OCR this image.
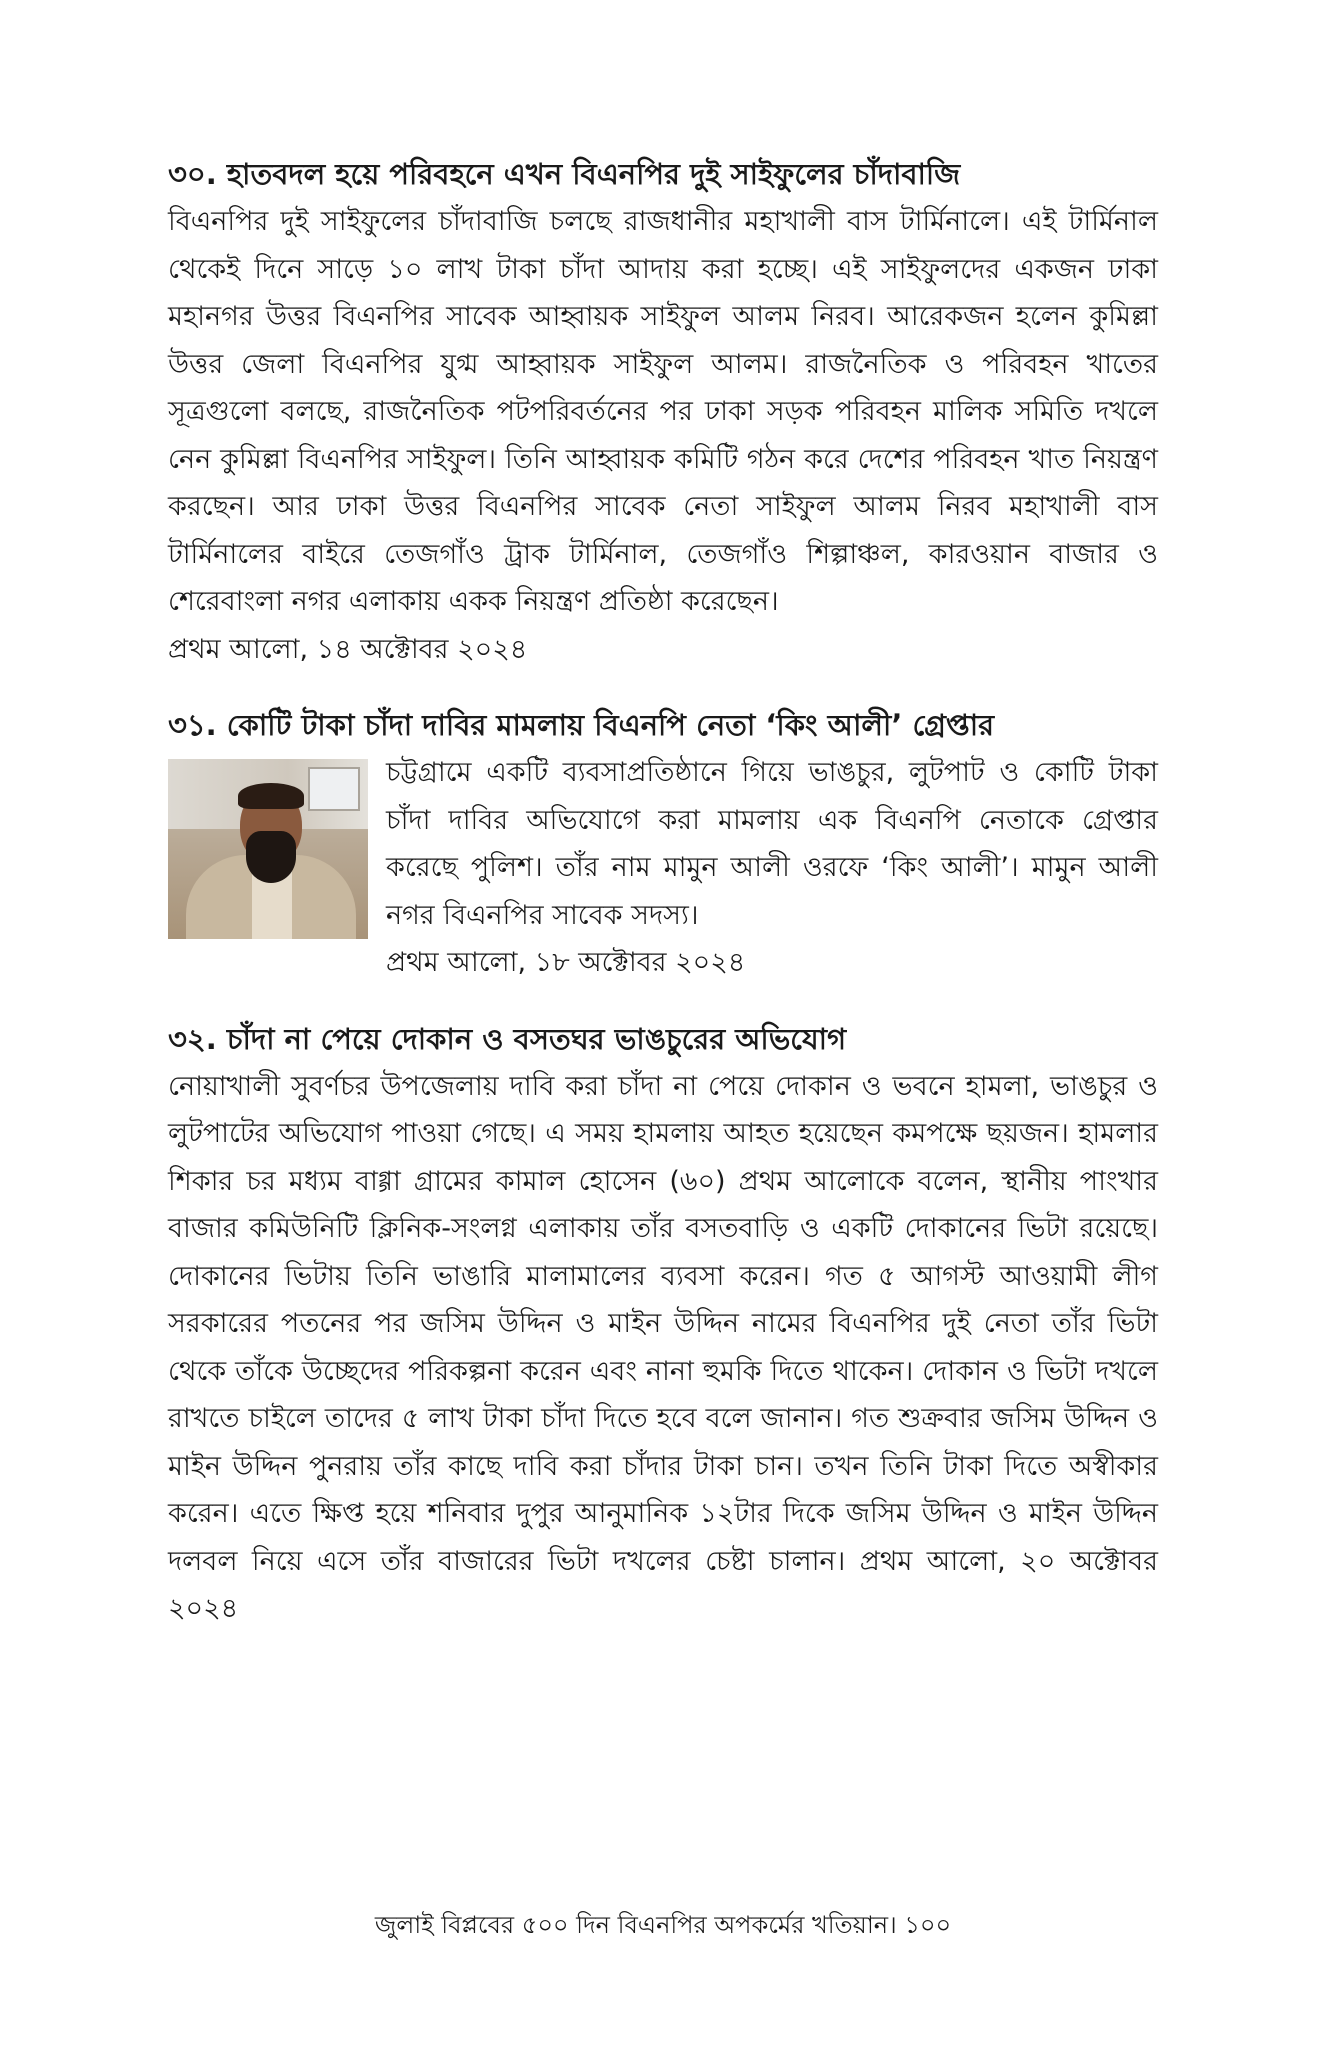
৩০. হাতবদল হয়ে পরিবহনে এখন বিএনপির দুই সাইফুলের চাঁদাবাজি

বিএনপির দুই সাইফুলের চাঁদাবাজি চলছে রাজধানীর মহাখালী বাস টার্মিনালে। এই টার্মিনাল থেকেই দিনে সাড়ে ১০ লাখ টাকা চাঁদা আদায় করা হচ্ছে। এই সাইফুলদের একজন ঢাকা মহানগর উত্তর বিএনপির সাবেক আহ্বায়ক সাইফুল আলম নিরব। আরেকজন হলেন কুমিল্লা উত্তর জেলা বিএনপির যুগ্ম আহ্বায়ক সাইফুল আলম। রাজনৈতিক ও পরিবহন খাতের সূত্রগুলো বলছে, রাজনৈতিক পটপরিবর্তনের পর ঢাকা সড়ক পরিবহন মালিক সমিতি দখলে নেন কুমিল্লা বিএনপির সাইফুল। তিনি আহ্বায়ক কমিটি গঠন করে দেশের পরিবহন খাত নিয়ন্ত্রণ করছেন। আর ঢাকা উত্তর বিএনপির সাবেক নেতা সাইফুল আলম নিরব মহাখালী বাস টার্মিনালের বাইরে তেজগাঁও ট্রাক টার্মিনাল, তেজগাঁও শিল্পাঞ্চল, কারওয়ান বাজার ও শেরেবাংলা নগর এলাকায় একক নিয়ন্ত্রণ প্রতিষ্ঠা করেছেন।

প্রথম আলো, ১৪ অক্টোবর ২০২৪

৩১. কোটি টাকা চাঁদা দাবির মামলায় বিএনপি নেতা ‘কিং আলী’ গ্রেপ্তার

চট্টগ্রামে একটি ব্যবসাপ্রতিষ্ঠানে গিয়ে ভাঙচুর, লুটপাট ও কোটি টাকা চাঁদা দাবির অভিযোগে করা মামলায় এক বিএনপি নেতাকে গ্রেপ্তার করেছে পুলিশ। তাঁর নাম মামুন আলী ওরফে ‘কিং আলী’। মামুন আলী নগর বিএনপির সাবেক সদস্য।

প্রথম আলো, ১৮ অক্টোবর ২০২৪

৩২. চাঁদা না পেয়ে দোকান ও বসতঘর ভাঙচুরের অভিযোগ

নোয়াখালী সুবর্ণচর উপজেলায় দাবি করা চাঁদা না পেয়ে দোকান ও ভবনে হামলা, ভাঙচুর ও লুটপাটের অভিযোগ পাওয়া গেছে। এ সময় হামলায় আহত হয়েছেন কমপক্ষে ছয়জন। হামলার শিকার চর মধ্যম বাগ্গা গ্রামের কামাল হোসেন (৬০) প্রথম আলোকে বলেন, স্থানীয় পাংখার বাজার কমিউনিটি ক্লিনিক-সংলগ্ন এলাকায় তাঁর বসতবাড়ি ও একটি দোকানের ভিটা রয়েছে। দোকানের ভিটায় তিনি ভাঙারি মালামালের ব্যবসা করেন। গত ৫ আগস্ট আওয়ামী লীগ সরকারের পতনের পর জসিম উদ্দিন ও মাইন উদ্দিন নামের বিএনপির দুই নেতা তাঁর ভিটা থেকে তাঁকে উচ্ছেদের পরিকল্পনা করেন এবং নানা হুমকি দিতে থাকেন। দোকান ও ভিটা দখলে রাখতে চাইলে তাদের ৫ লাখ টাকা চাঁদা দিতে হবে বলে জানান। গত শুক্রবার জসিম উদ্দিন ও মাইন উদ্দিন পুনরায় তাঁর কাছে দাবি করা চাঁদার টাকা চান। তখন তিনি টাকা দিতে অস্বীকার করেন। এতে ক্ষিপ্ত হয়ে শনিবার দুপুর আনুমানিক ১২টার দিকে জসিম উদ্দিন ও মাইন উদ্দিন দলবল নিয়ে এসে তাঁর বাজারের ভিটা দখলের চেষ্টা চালান। প্রথম আলো, ২০ অক্টোবর ২০২৪

জুলাই বিপ্লবের ৫০০ দিন বিএনপির অপকর্মের খতিয়ান। ১০০
